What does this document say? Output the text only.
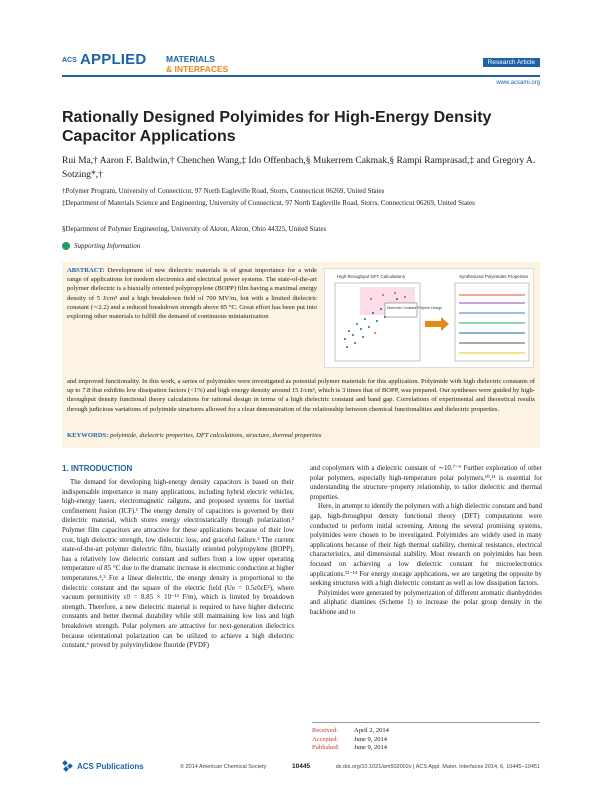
ACS APPLIED MATERIALS
& INTERFACES
Research Article
www.acsami.org
Rationally Designed Polyimides for High-Energy Density Capacitor Applications
Rui Ma,† Aaron F. Baldwin,† Chenchen Wang,‡ Ido Offenbach,§ Mukerrem Cakmak,§ Rampi Ramprasad,‡ and Gregory A. Sotzing*,†
†Polymer Program, University of Connecticut, 97 North Eagleville Road, Storrs, Connecticut 06269, United States
‡Department of Materials Science and Engineering, University of Connecticut, 97 North Eagleville Road, Storrs, Connecticut 06269, United States
§Department of Polymer Engineering, University of Akron, Akron, Ohio 44325, United States
Supporting Information
ABSTRACT: Development of new dielectric materials is of great importance for a wide range of applications for modern electronics and electrical power systems. The state-of-the-art polymer dielectric is a biaxially oriented polypropylene (BOPP) film having a maximal energy density of 5 J/cm³ and a high breakdown field of 700 MV/m, but with a limited dielectric constant (∼2.2) and a reduced breakdown strength above 85 °C. Great effort has been put into exploring other materials to fulfill the demand of continuous miniaturization
High-throughput DFT Calculations
Dielectric Constant Polymer Design
Synthesized Polyimides Properties
and improved functionality. In this work, a series of polyimides were investigated as potential polymer materials for this application. Polyimide with high dielectric constants of up to 7.8 that exhibits low dissipation factors (<1%) and high energy density around 15 J/cm³, which is 3 times that of BOPP, was prepared. Our syntheses were guided by high-throughput density functional theory calculations for rational design in terms of a high dielectric constant and band gap. Correlations of experimental and theoretical results through judicious variations of polyimide structures allowed for a clear demonstration of the relationship between chemical functionalities and dielectric properties.
KEYWORDS: polyimide, dielectric properties, DFT calculations, structure, thermal properties
1. INTRODUCTION

The demand for developing high-energy density capacitors is based on their indispensable importance in many applications, including hybrid electric vehicles, high-energy lasers, electromagnetic railguns, and proposed systems for inertial confinement fusion (ICF).¹ The energy density of capacitors is governed by their dielectric material, which stores energy electrostatically through polarization.² Polymer film capacitors are attractive for these applications because of their low cost, high dielectric strength, low dielectric loss, and graceful failure.³ The current state-of-the-art polymer dielectric film, biaxially oriented polypropylene (BOPP), has a relatively low dielectric constant and suffers from a low upper operating temperature of 85 °C due to the dramatic increase in electronic conduction at higher temperatures.⁴,⁵ For a linear dielectric, the energy density is proportional to the dielectric constant and the square of the electric field (Ue = 0.5ε0εE²), where vacuum permittivity ε0 = 8.85 × 10⁻¹² F/m), which is limited by breakdown strength. Therefore, a new dielectric material is required to have higher dielectric constants and better thermal durability while still maintaining low loss and high breakdown strength. Polar polymers are attractive for next-generation dielectrics because orientational polarization can be utilized to achieve a high dielectric constant,⁶ proved by polyvinylidene fluoride (PVDF)

and copolymers with a dielectric constant of ∼10.⁷⁻⁹ Further exploration of other polar polymers, especially high-temperature polar polymers,¹⁰,¹¹ is essential for understanding the structure−property relationship, to tailor dielectric and thermal properties.

Here, in attempt to identify the polymers with a high dielectric constant and band gap, high-throughput density functional theory (DFT) computations were conducted to perform initial screening. Among the several promising systems, polyimides were chosen to be investigated. Polyimides are widely used in many applications because of their high thermal stability, chemical resistance, electrical characteristics, and dimensional stability. Most research on polyimides has been focused on achieving a low dielectric constant for microelectronics applications.¹²⁻¹⁴ For energy storage applications, we are targeting the opposite by seeking structures with a high dielectric constant as well as low dissipation factors.

Polyimides were generated by polymerization of different aromatic dianhydrides and aliphatic diamines (Scheme 1) to increase the polar group density in the backbone and to

Received: April 2, 2014
Accepted: June 9, 2014
Published: June 9, 2014
ACS Publications	© 2014 American Chemical Society	10445	dx.doi.org/10.1021/am502002v | ACS Appl. Mater. Interfaces 2014, 6, 10445−10451
